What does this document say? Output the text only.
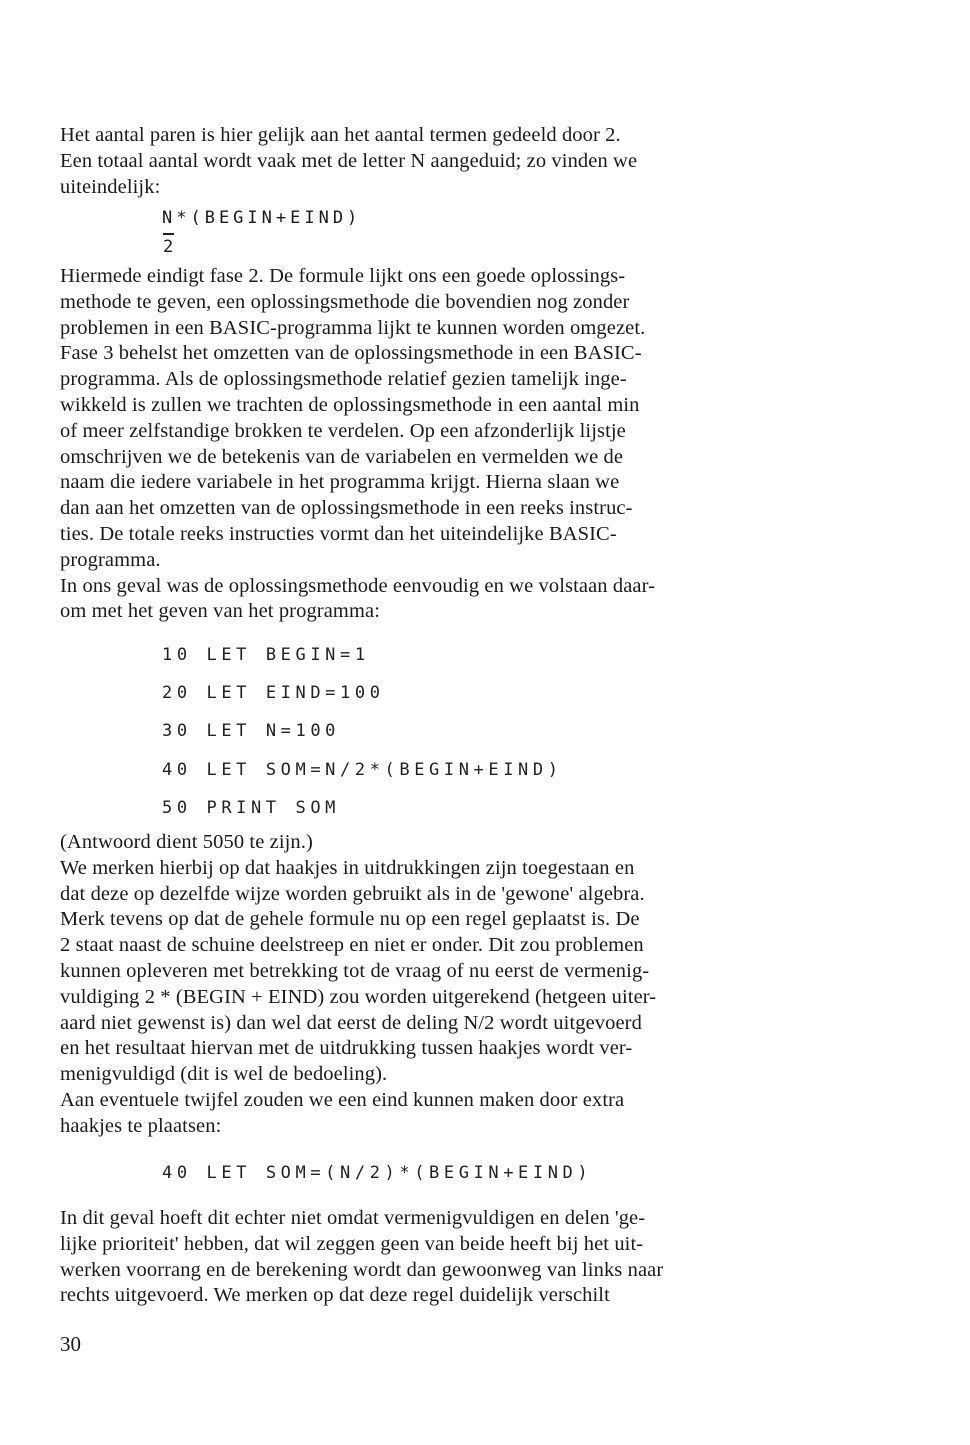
Het aantal paren is hier gelijk aan het aantal termen gedeeld door 2.
Een totaal aantal wordt vaak met de letter N aangeduid; zo vinden we
uiteindelijk:
N*(BEGIN+EIND)
2
Hiermede eindigt fase 2. De formule lijkt ons een goede oplossings-
methode te geven, een oplossingsmethode die bovendien nog zonder
problemen in een BASIC-programma lijkt te kunnen worden omgezet.
Fase 3 behelst het omzetten van de oplossingsmethode in een BASIC-
programma. Als de oplossingsmethode relatief gezien tamelijk inge-
wikkeld is zullen we trachten de oplossingsmethode in een aantal min
of meer zelfstandige brokken te verdelen. Op een afzonderlijk lijstje
omschrijven we de betekenis van de variabelen en vermelden we de
naam die iedere variabele in het programma krijgt. Hierna slaan we
dan aan het omzetten van de oplossingsmethode in een reeks instruc-
ties. De totale reeks instructies vormt dan het uiteindelijke BASIC-
programma.
In ons geval was de oplossingsmethode eenvoudig en we volstaan daar-
om met het geven van het programma:
10 LET BEGIN=1
20 LET EIND=100
30 LET N=100
40 LET SOM=N/2*(BEGIN+EIND)
50 PRINT SOM
(Antwoord dient 5050 te zijn.)
We merken hierbij op dat haakjes in uitdrukkingen zijn toegestaan en
dat deze op dezelfde wijze worden gebruikt als in de 'gewone' algebra.
Merk tevens op dat de gehele formule nu op een regel geplaatst is. De
2 staat naast de schuine deelstreep en niet er onder. Dit zou problemen
kunnen opleveren met betrekking tot de vraag of nu eerst de vermenig-
vuldiging 2 * (BEGIN + EIND) zou worden uitgerekend (hetgeen uiter-
aard niet gewenst is) dan wel dat eerst de deling N/2 wordt uitgevoerd
en het resultaat hiervan met de uitdrukking tussen haakjes wordt ver-
menigvuldigd (dit is wel de bedoeling).
Aan eventuele twijfel zouden we een eind kunnen maken door extra
haakjes te plaatsen:
40 LET SOM=(N/2)*(BEGIN+EIND)
In dit geval hoeft dit echter niet omdat vermenigvuldigen en delen 'ge-
lijke prioriteit' hebben, dat wil zeggen geen van beide heeft bij het uit-
werken voorrang en de berekening wordt dan gewoonweg van links naar
rechts uitgevoerd. We merken op dat deze regel duidelijk verschilt
30
